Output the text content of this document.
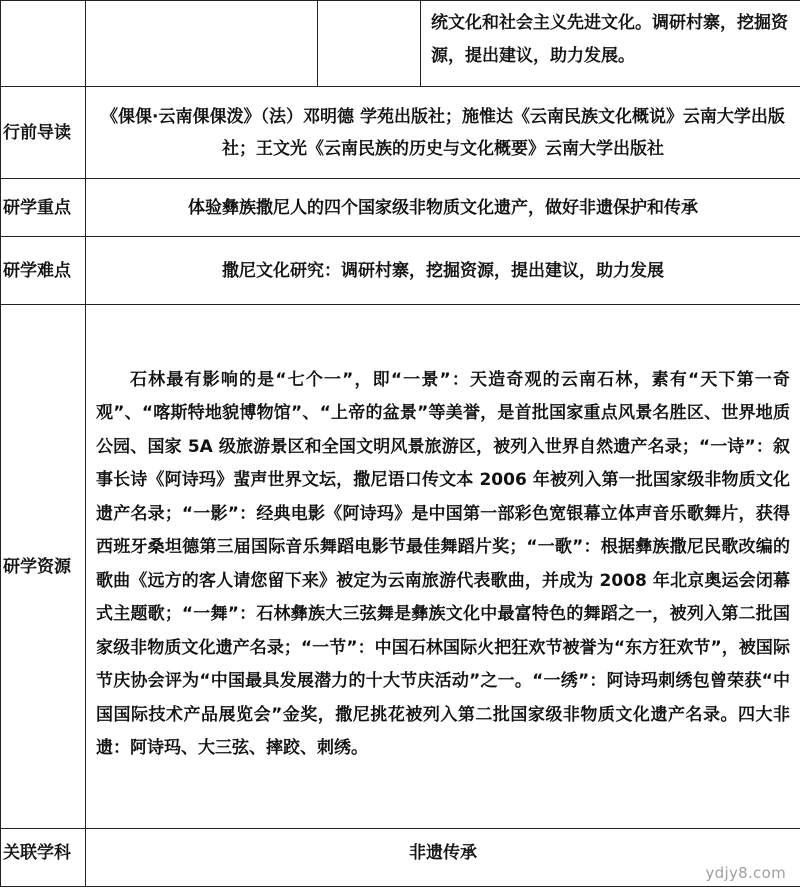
			统文化和社会主义先进文化。调研村寨，挖掘资源，提出建议，助力发展。
行前导读	《倮倮·云南倮倮泼》（法）邓明德 学苑出版社；施惟达《云南民族文化概说》云南大学出版社；王文光《云南民族的历史与文化概要》云南大学出版社		
研学重点	体验彝族撒尼人的四个国家级非物质文化遗产，做好非遗保护和传承		
研学难点	撒尼文化研究：调研村寨，挖掘资源，提出建议，助力发展		
研学资源	石林最有影响的是“七个一”，即“一景”：天造奇观的云南石林，素有“天下第一奇观”、“喀斯特地貌博物馆”、“上帝的盆景”等美誉，是首批国家重点风景名胜区、世界地质公园、国家 5A 级旅游景区和全国文明风景旅游区，被列入世界自然遗产名录；“一诗”：叙事长诗《阿诗玛》蜚声世界文坛，撒尼语口传文本 2006 年被列入第一批国家级非物质文化遗产名录；“一影”：经典电影《阿诗玛》是中国第一部彩色宽银幕立体声音乐歌舞片，获得西班牙桑坦德第三届国际音乐舞蹈电影节最佳舞蹈片奖；“一歌”：根据彝族撒尼民歌改编的歌曲《远方的客人请您留下来》被定为云南旅游代表歌曲，并成为 2008 年北京奥运会闭幕式主题歌；“一舞”：石林彝族大三弦舞是彝族文化中最富特色的舞蹈之一，被列入第二批国家级非物质文化遗产名录；“一节”：中国石林国际火把狂欢节被誉为“东方狂欢节”，被国际节庆协会评为“中国最具发展潜力的十大节庆活动”之一。“一绣”：阿诗玛刺绣包曾荣获“中国国际技术产品展览会”金奖，撒尼挑花被列入第二批国家级非物质文化遗产名录。四大非遗：阿诗玛、大三弦、摔跤、刺绣。		
关联学科	非遗传承		
ydjy8.com
